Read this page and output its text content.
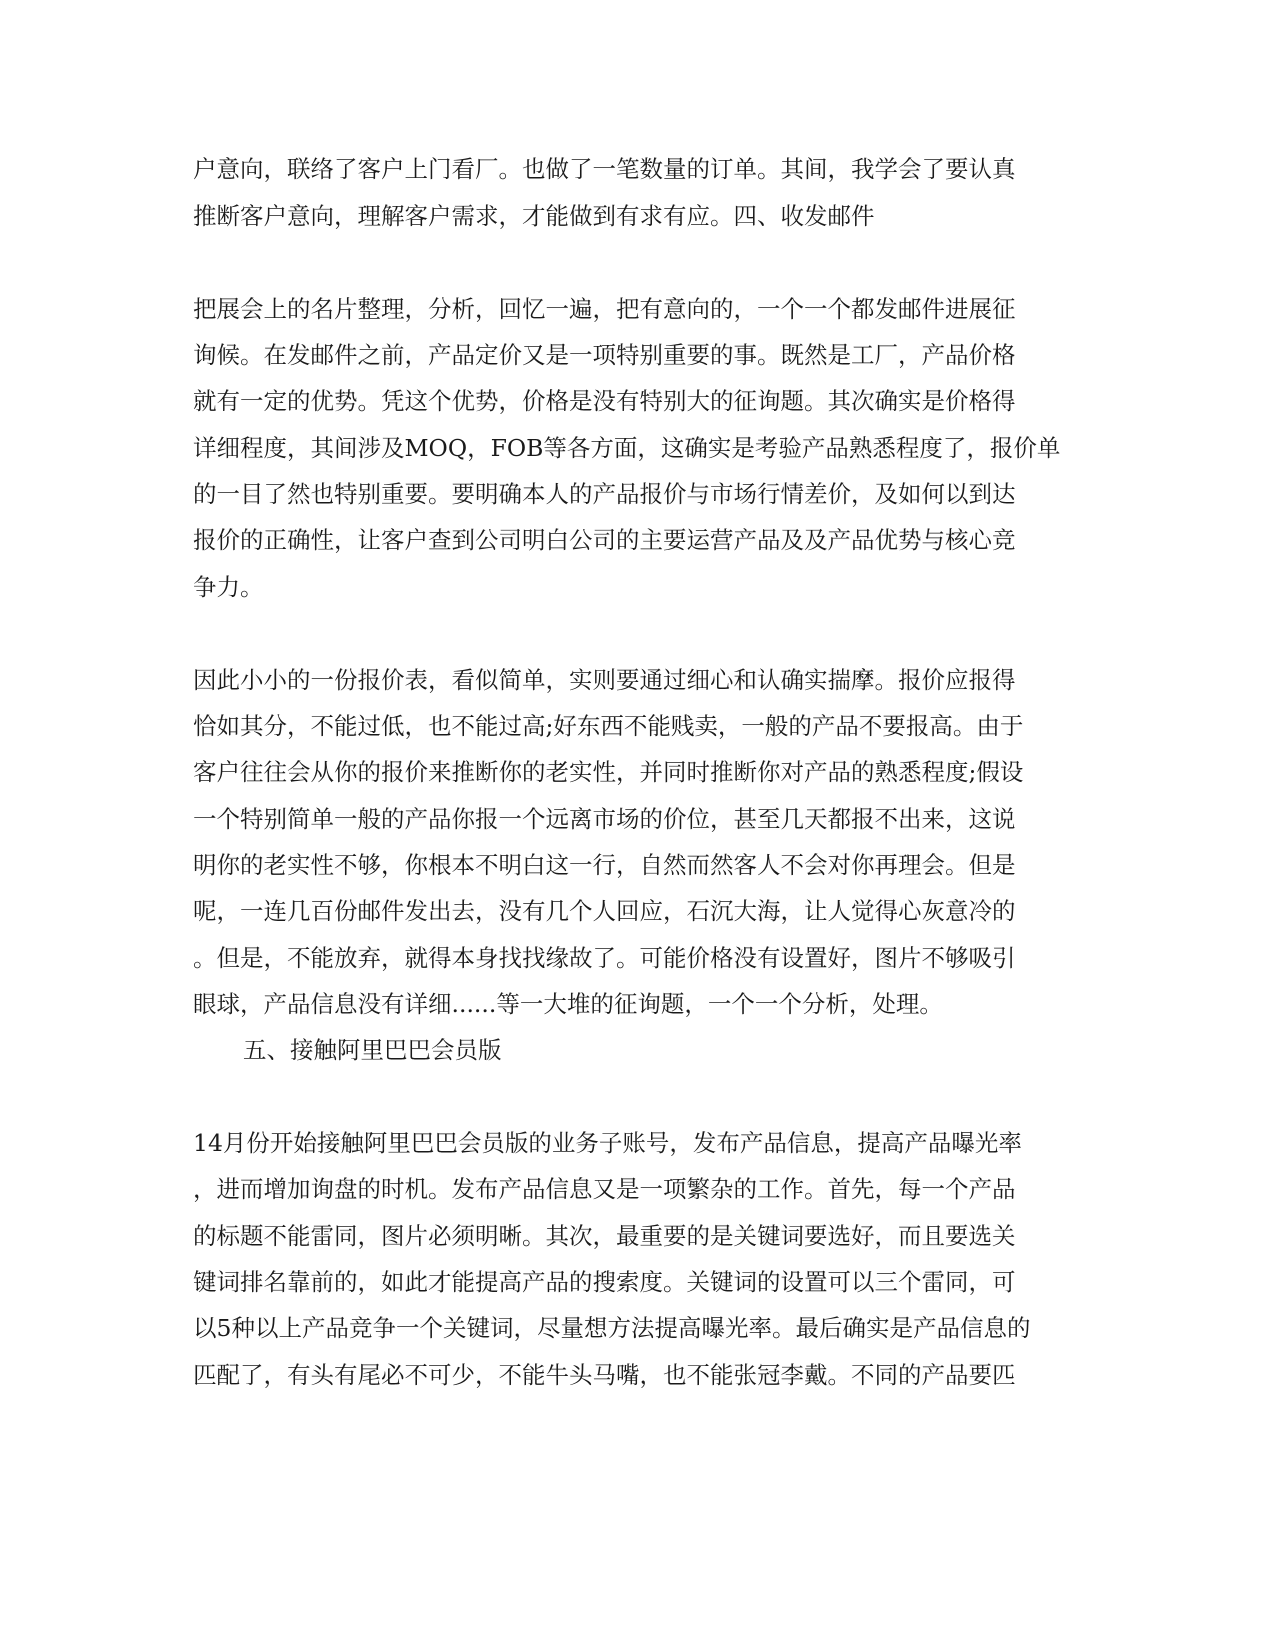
户意向，联络了客户上门看厂。也做了一笔数量的订单。其间，我学会了要认真
推断客户意向，理解客户需求，才能做到有求有应。四、收发邮件
把展会上的名片整理，分析，回忆一遍，把有意向的，一个一个都发邮件进展征
询候。在发邮件之前，产品定价又是一项特别重要的事。既然是工厂，产品价格
就有一定的优势。凭这个优势，价格是没有特别大的征询题。其次确实是价格得
详细程度，其间涉及MOQ，FOB等各方面，这确实是考验产品熟悉程度了，报价单
的一目了然也特别重要。要明确本人的产品报价与市场行情差价，及如何以到达
报价的正确性，让客户查到公司明白公司的主要运营产品及及产品优势与核心竞
争力。
因此小小的一份报价表，看似简单，实则要通过细心和认确实揣摩。报价应报得
恰如其分，不能过低，也不能过高;好东西不能贱卖，一般的产品不要报高。由于
客户往往会从你的报价来推断你的老实性，并同时推断你对产品的熟悉程度;假设
一个特别简单一般的产品你报一个远离市场的价位，甚至几天都报不出来，这说
明你的老实性不够，你根本不明白这一行，自然而然客人不会对你再理会。但是
呢，一连几百份邮件发出去，没有几个人回应，石沉大海，让人觉得心灰意冷的
。但是，不能放弃，就得本身找找缘故了。可能价格没有设置好，图片不够吸引
眼球，产品信息没有详细......等一大堆的征询题，一个一个分析，处理。
五、接触阿里巴巴会员版
14月份开始接触阿里巴巴会员版的业务子账号，发布产品信息，提高产品曝光率
，进而增加询盘的时机。发布产品信息又是一项繁杂的工作。首先，每一个产品
的标题不能雷同，图片必须明晰。其次，最重要的是关键词要选好，而且要选关
键词排名靠前的，如此才能提高产品的搜索度。关键词的设置可以三个雷同，可
以5种以上产品竞争一个关键词，尽量想方法提高曝光率。最后确实是产品信息的
匹配了，有头有尾必不可少，不能牛头马嘴，也不能张冠李戴。不同的产品要匹
